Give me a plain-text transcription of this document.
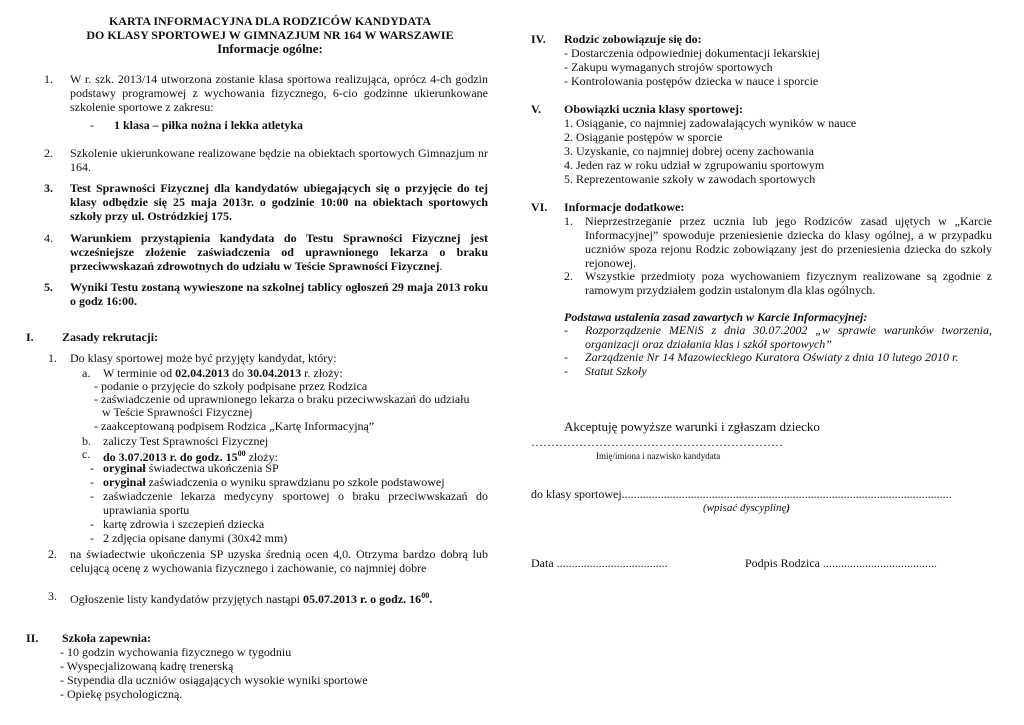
KARTA INFORMACYJNA DLA RODZICÓW KANDYDATA
DO KLASY SPORTOWEJ W GIMNAZJUM NR 164 W WARSZAWIE
Informacje ogólne:
1. W r. szk. 2013/14 utworzona zostanie klasa sportowa realizująca, oprócz 4-ch godzin podstawy programowej z wychowania fizycznego, 6-cio godzinne ukierunkowane szkolenie sportowe z zakresu:
- 1 klasa – piłka nożna i lekka atletyka
2. Szkolenie ukierunkowane realizowane będzie na obiektach sportowych Gimnazjum nr 164.
3. Test Sprawności Fizycznej dla kandydatów ubiegających się o przyjęcie do tej klasy odbędzie się 25 maja 2013r. o godzinie 10:00 na obiektach sportowych szkoły przy ul. Ostródzkiej 175.
4. Warunkiem przystąpienia kandydata do Testu Sprawności Fizycznej jest wcześniejsze złożenie zaświadczenia od uprawnionego lekarza o braku przeciwwskazań zdrowotnych do udziału w Teście Sprawności Fizycznej.
5. Wyniki Testu zostaną wywieszone na szkolnej tablicy ogłoszeń 29 maja 2013 roku o godz 16:00.
I. Zasady rekrutacji:
1. Do klasy sportowej może być przyjęty kandydat, który:
a. W terminie od 02.04.2013 do 30.04.2013 r. złoży:
- podanie o przyjęcie do szkoły podpisane przez Rodzica
- zaświadczenie od uprawnionego lekarza o braku przeciwwskazań do udziału
w Teście Sprawności Fizycznej
- zaakceptowaną podpisem Rodzica „Kartę Informacyjną”
b. zaliczy Test Sprawności Fizycznej
c. do 3.07.2013 r. do godz. $15^{00}$ złoży:
- oryginał świadectwa ukończenia SP
- oryginał zaświadczenia o wyniku sprawdzianu po szkole podstawowej
- zaświadczenie lekarza medycyny sportowej o braku przeciwwskazań do uprawiania sportu
- kartę zdrowia i szczepień dziecka
- 2 zdjęcia opisane danymi (30x42 mm)
2. na świadectwie ukończenia SP uzyska średnią ocen 4,0. Otrzyma bardzo dobrą lub celującą ocenę z wychowania fizycznego i zachowanie, co najmniej dobre
3. Ogłoszenie listy kandydatów przyjętych nastąpi 05.07.2013 r. o godz. $16^{00}$.
II. Szkoła zapewnia:
- 10 godzin wychowania fizycznego w tygodniu
- Wyspecjalizowaną kadrę trenerską
- Stypendia dla uczniów osiągających wysokie wyniki sportowe
- Opiekę psychologiczną.
IV. Rodzic zobowiązuje się do:
- Dostarczenia odpowiedniej dokumentacji lekarskiej
- Zakupu wymaganych strojów sportowych
- Kontrolowania postępów dziecka w nauce i sporcie
V. Obowiązki ucznia klasy sportowej:
1. Osiąganie, co najmniej zadowalających wyników w nauce
2. Osiąganie postępów w sporcie
3. Uzyskanie, co najmniej dobrej oceny zachowania
4. Jeden raz w roku udział w zgrupowaniu sportowym
5. Reprezentowanie szkoły w zawodach sportowych
VI. Informacje dodatkowe:
1. Nieprzestrzeganie przez ucznia lub jego Rodziców zasad ujętych w „Karcie Informacyjnej” spowoduje przeniesienie dziecka do klasy ogólnej, a w przypadku uczniów spoza rejonu Rodzic zobowiązany jest do przeniesienia dziecka do szkoły rejonowej.
2. Wszystkie przedmioty poza wychowaniem fizycznym realizowane są zgodnie z ramowym przydziałem godzin ustalonym dla klas ogólnych.
Podstawa ustalenia zasad zawartych w Karcie Informacyjnej:
- Rozporządzenie MENiS z dnia 30.07.2002 „w sprawie warunków tworzenia, organizacji oraz działania klas i szkół sportowych”
- Zarządzenie Nr 14 Mazowieckiego Kuratora Oświaty z dnia 10 lutego 2010 r.
- Statut Szkoły
Akceptuję powyższe warunki i zgłaszam dziecko
………………………………………………………
Imię/imiona i nazwisko kandydata
do klasy sportowej..............................................................................................................
(wpisać dyscyplinę)
Data .....................................	Podpis Rodzica ......................................
